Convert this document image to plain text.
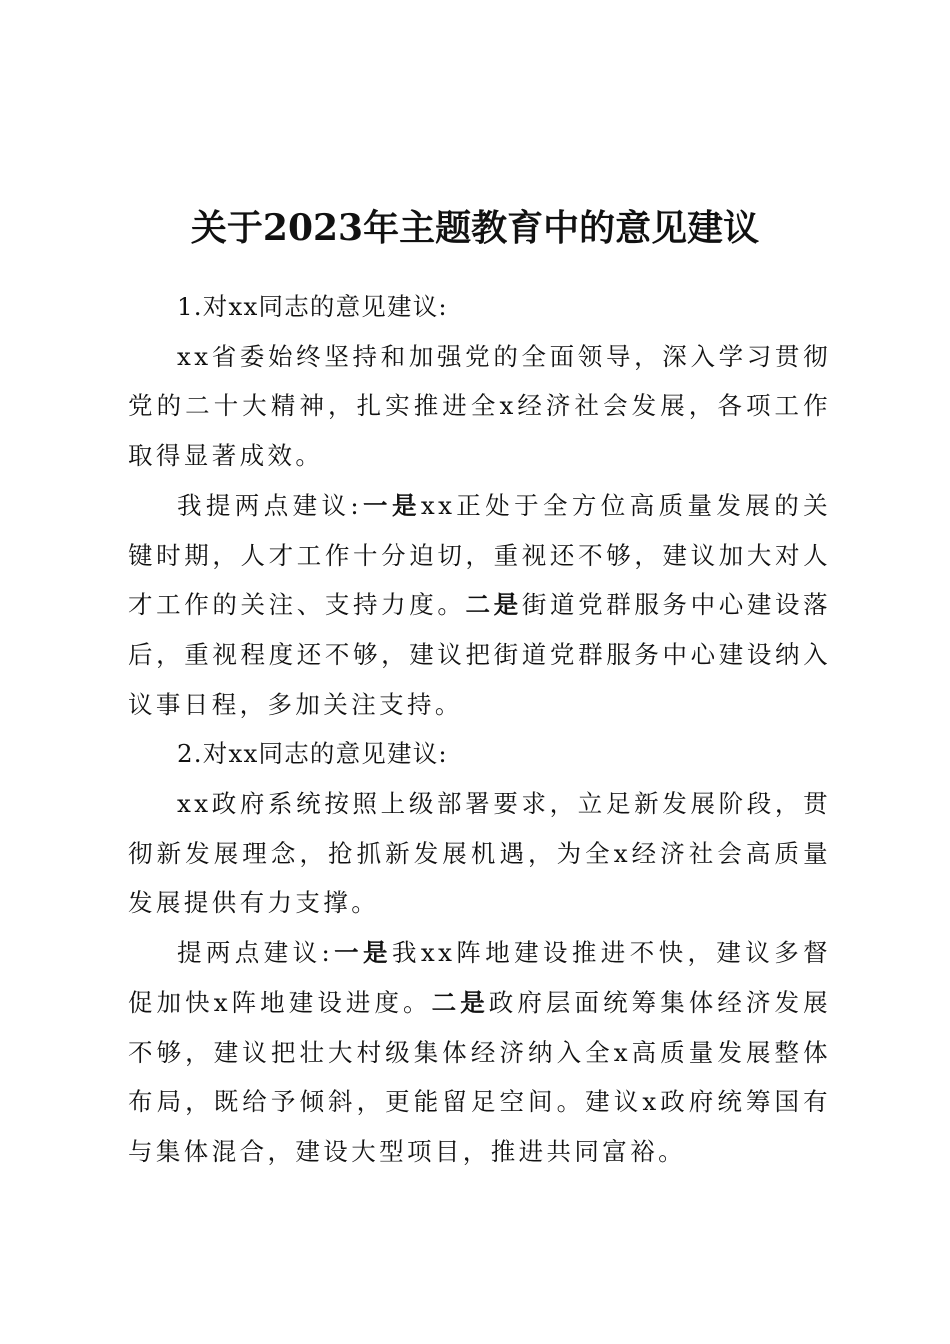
关于2023年主题教育中的意见建议

1.对xx同志的意见建议:

xx省委始终坚持和加强党的全面领导，深入学习贯彻党的二十大精神，扎实推进全x经济社会发展，各项工作取得显著成效。

我提两点建议:一是xx正处于全方位高质量发展的关键时期，人才工作十分迫切，重视还不够，建议加大对人才工作的关注、支持力度。二是街道党群服务中心建设落后，重视程度还不够，建议把街道党群服务中心建设纳入议事日程，多加关注支持。

2.对xx同志的意见建议:

xx政府系统按照上级部署要求，立足新发展阶段，贯彻新发展理念，抢抓新发展机遇，为全x经济社会高质量发展提供有力支撑。

提两点建议:一是我xx阵地建设推进不快，建议多督促加快x阵地建设进度。二是政府层面统筹集体经济发展不够，建议把壮大村级集体经济纳入全x高质量发展整体布局，既给予倾斜，更能留足空间。建议x政府统筹国有与集体混合，建设大型项目，推进共同富裕。
